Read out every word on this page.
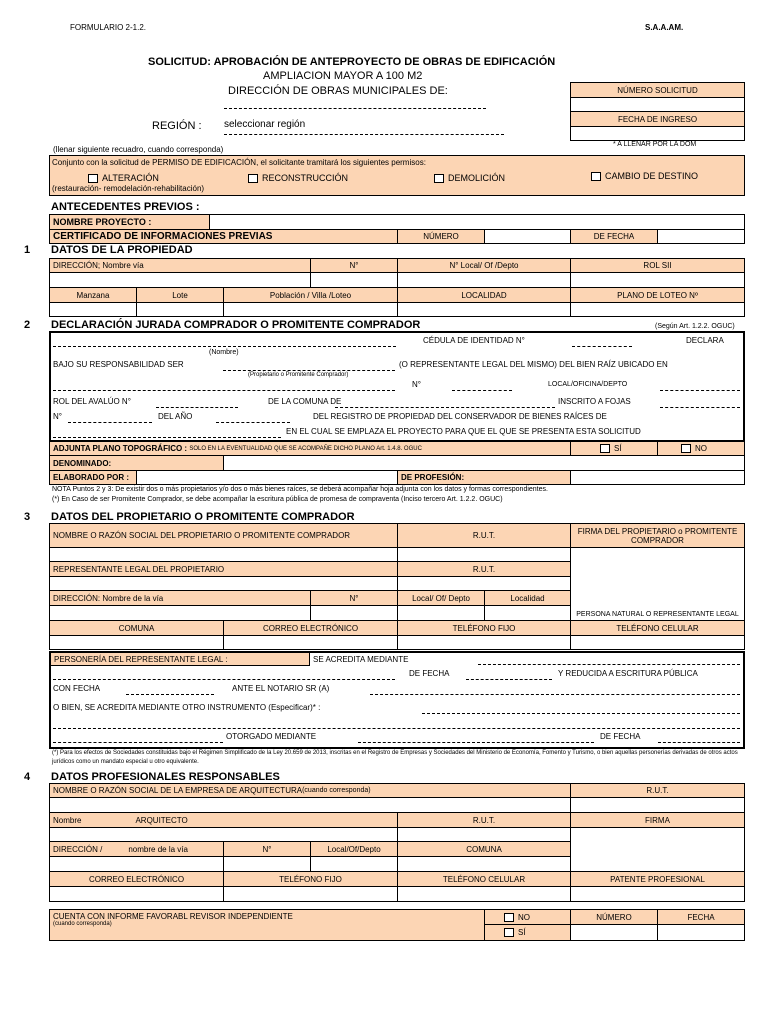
FORMULARIO 2-1.2.	S.A.A.AM.
SOLICITUD: APROBACIÓN DE ANTEPROYECTO DE OBRAS DE EDIFICACIÓN
AMPLIACION MAYOR A 100 M2
DIRECCIÓN DE OBRAS MUNICIPALES DE:
REGIÓN : seleccionar región
(llenar siguiente recuadro, cuando corresponda)
NÚMERO SOLICITUD
FECHA DE INGRESO
* A LLENAR POR LA DOM
Conjunto con la solicitud de PERMISO DE EDIFICACIÓN, el solicitante tramitará los siguientes permisos:
ALTERACIÓN	RECONSTRUCCIÓN	DEMOLICIÓN	CAMBIO DE DESTINO
(restauración- remodelación-rehabilitación)
ANTECEDENTES PREVIOS :
NOMBRE PROYECTO :
CERTIFICADO DE INFORMACIONES PREVIAS	NÚMERO	DE FECHA
1 DATOS DE LA PROPIEDAD
DIRECCIÓN; Nombre vía	N°	N° Local/ Of /Depto	ROL SII
Manzana	Lote	Población / Villa /Loteo	LOCALIDAD	PLANO DE LOTEO Nº
2 DECLARACIÓN JURADA COMPRADOR O PROMITENTE COMPRADOR	(Según Art. 1.2.2. OGUC)
CÉDULA DE IDENTIDAD N°	DECLARA
(Nombre)
BAJO SU RESPONSABILIDAD SER	(O REPRESENTANTE LEGAL DEL MISMO) DEL BIEN RAÍZ UBICADO EN
(Propietario o Promitente Comprador)
N°	LOCAL/OFICINA/DEPTO
ROL DEL AVALÚO N°	DE LA COMUNA DE	INSCRITO A FOJAS
N°	DEL AÑO	DEL REGISTRO DE PROPIEDAD DEL CONSERVADOR DE BIENES RAÍCES DE
EN EL CUAL SE EMPLAZA EL PROYECTO PARA QUE EL QUE SE PRESENTA ESTA SOLICITUD
ADJUNTA PLANO TOPOGRÁFICO :
SOLO EN LA EVENTUALIDAD QUE SE ACOMPAÑE DICHO PLANO Art. 1.4.8. OGUC	SÍ	NO
DENOMINADO:
ELABORADO POR :	DE PROFESIÓN:
NOTA Puntos 2 y 3: De existir dos o más propietarios y/o dos o más bienes raíces, se deberá acompañar hoja adjunta con los datos y formas correspondientes.
(*) En Caso de ser Promitente Comprador, se debe acompañar la escritura pública de promesa de compraventa (Inciso tercero Art. 1.2.2. OGUC)
3 DATOS DEL PROPIETARIO O PROMITENTE COMPRADOR
NOMBRE O RAZÓN SOCIAL DEL PROPIETARIO O PROMITENTE COMPRADOR	R.U.T.	FIRMA DEL PROPIETARIO o PROMITENTE COMPRADOR
REPRESENTANTE LEGAL DEL PROPIETARIO	R.U.T.
DIRECCIÓN: Nombre de la vía	N°	Local/ Of/ Depto	Localidad
PERSONA NATURAL O REPRESENTANTE LEGAL
COMUNA	CORREO ELECTRÓNICO	TELÉFONO FIJO	TELÉFONO CELULAR
PERSONERÍA DEL REPRESENTANTE LEGAL :	SE ACREDITA MEDIANTE
DE FECHA	Y REDUCIDA A ESCRITURA PÚBLICA
CON FECHA	ANTE EL NOTARIO SR (A)
O BIEN, SE ACREDITA MEDIANTE OTRO INSTRUMENTO (Especificar)* :
OTORGADO MEDIANTE	DE FECHA
(*) Para los efectos de Sociedades constituidas bajo el Régimen Simplificado de la Ley 20.659 de 2013, inscritas en el Registro de Empresas y Sociedades del Ministerio de Economía, Fomento y Turismo, o bien aquellas personerías derivadas de otros actos jurídicos como un mandato especial u otro equivalente.
4 DATOS PROFESIONALES RESPONSABLES
NOMBRE O RAZÓN SOCIAL DE LA EMPRESA DE ARQUITECTURA (cuando corresponda)	R.U.T.
Nombre	ARQUITECTO	R.U.T.	FIRMA
DIRECCIÓN /	nombre de la vía	N°	Local/Of/Depto	COMUNA
CORREO ELECTRÓNICO	TELÉFONO FIJO	TELÉFONO CELULAR	PATENTE PROFESIONAL
CUENTA CON INFORME FAVORABL REVISOR INDEPENDIENTE
(cuando corresponda)
NO
SÍ
NÚMERO	FECHA
